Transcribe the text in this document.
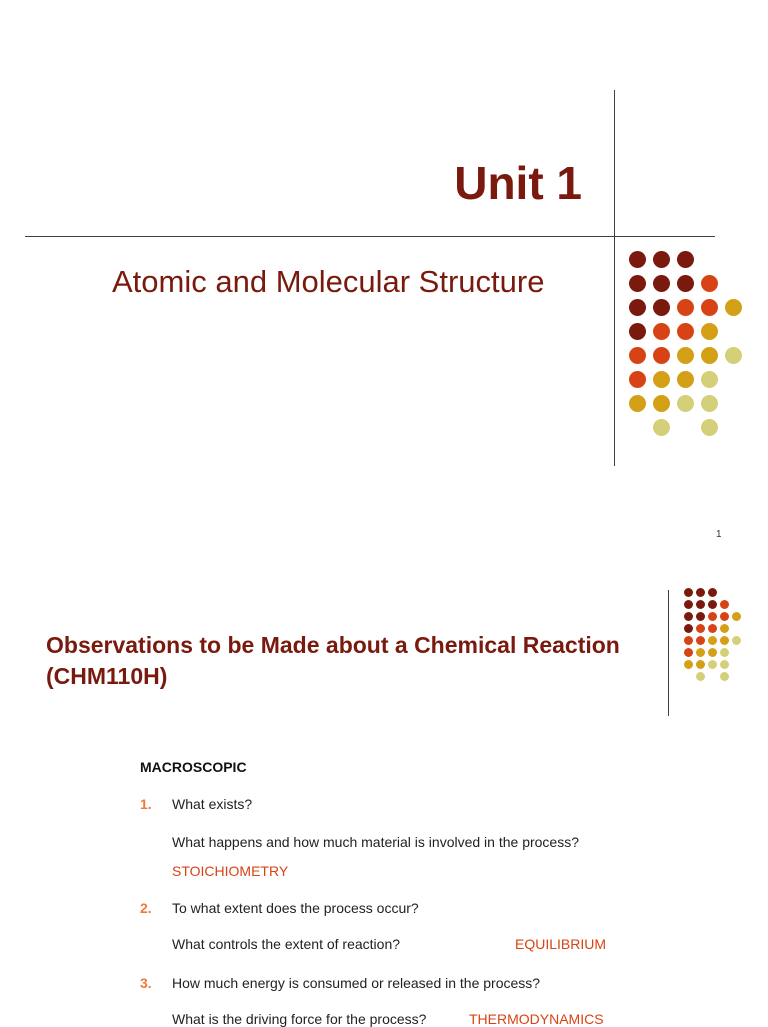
Unit 1
Atomic and Molecular Structure
1
Observations to be Made about a Chemical Reaction (CHM110H)
MACROSCOPIC
1. What exists?
What happens and how much material is involved in the process?
STOICHIOMETRY
2. To what extent does the process occur?
What controls the extent of reaction?	EQUILIBRIUM
3. How much energy is consumed or released in the process?
What is the driving force for the process?	THERMODYNAMICS
